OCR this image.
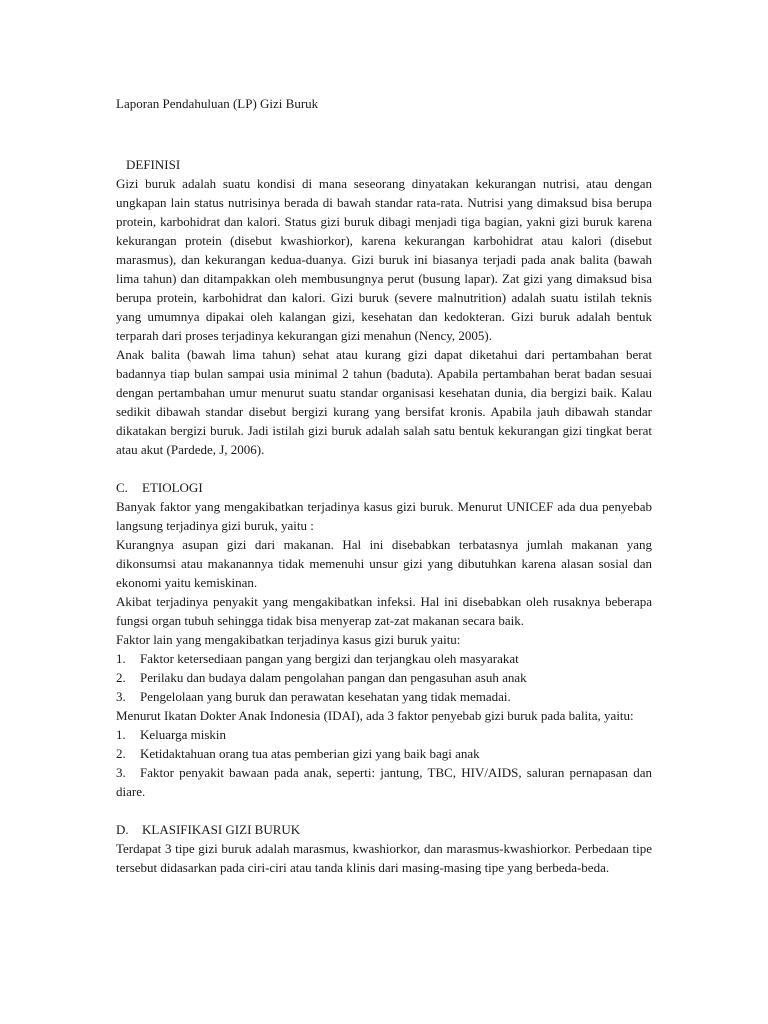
Laporan Pendahuluan (LP) Gizi Buruk
DEFINISI

Gizi buruk adalah suatu kondisi di mana seseorang dinyatakan kekurangan nutrisi, atau dengan ungkapan lain status nutrisinya berada di bawah standar rata-rata. Nutrisi yang dimaksud bisa berupa protein, karbohidrat dan kalori. Status gizi buruk dibagi menjadi tiga bagian, yakni gizi buruk karena kekurangan protein (disebut kwashiorkor), karena kekurangan karbohidrat atau kalori (disebut marasmus), dan kekurangan kedua-duanya. Gizi buruk ini biasanya terjadi pada anak balita (bawah lima tahun) dan ditampakkan oleh membusungnya perut (busung lapar). Zat gizi yang dimaksud bisa berupa protein, karbohidrat dan kalori. Gizi buruk (severe malnutrition) adalah suatu istilah teknis yang umumnya dipakai oleh kalangan gizi, kesehatan dan kedokteran. Gizi buruk adalah bentuk terparah dari proses terjadinya kekurangan gizi menahun (Nency, 2005).

Anak balita (bawah lima tahun) sehat atau kurang gizi dapat diketahui dari pertambahan berat badannya tiap bulan sampai usia minimal 2 tahun (baduta). Apabila pertambahan berat badan sesuai dengan pertambahan umur menurut suatu standar organisasi kesehatan dunia, dia bergizi baik. Kalau sedikit dibawah standar disebut bergizi kurang yang bersifat kronis. Apabila jauh dibawah standar dikatakan bergizi buruk. Jadi istilah gizi buruk adalah salah satu bentuk kekurangan gizi tingkat berat atau akut (Pardede, J, 2006).

C. ETIOLOGI

Banyak faktor yang mengakibatkan terjadinya kasus gizi buruk. Menurut UNICEF ada dua penyebab langsung terjadinya gizi buruk, yaitu :

Kurangnya asupan gizi dari makanan. Hal ini disebabkan terbatasnya jumlah makanan yang dikonsumsi atau makanannya tidak memenuhi unsur gizi yang dibutuhkan karena alasan sosial dan ekonomi yaitu kemiskinan.

Akibat terjadinya penyakit yang mengakibatkan infeksi. Hal ini disebabkan oleh rusaknya beberapa fungsi organ tubuh sehingga tidak bisa menyerap zat-zat makanan secara baik.

Faktor lain yang mengakibatkan terjadinya kasus gizi buruk yaitu:

1.	Faktor ketersediaan pangan yang bergizi dan terjangkau oleh masyarakat
2.	Perilaku dan budaya dalam pengolahan pangan dan pengasuhan asuh anak
3.	Pengelolaan yang buruk dan perawatan kesehatan yang tidak memadai.

Menurut Ikatan Dokter Anak Indonesia (IDAI), ada 3 faktor penyebab gizi buruk pada balita, yaitu:

1.	Keluarga miskin
2.	Ketidaktahuan orang tua atas pemberian gizi yang baik bagi anak
3. Faktor penyakit bawaan pada anak, seperti: jantung, TBC, HIV/AIDS, saluran pernapasan dan diare.
D. KLASIFIKASI GIZI BURUK

Terdapat 3 tipe gizi buruk adalah marasmus, kwashiorkor, dan marasmus-kwashiorkor. Perbedaan tipe tersebut didasarkan pada ciri-ciri atau tanda klinis dari masing-masing tipe yang berbeda-beda.
